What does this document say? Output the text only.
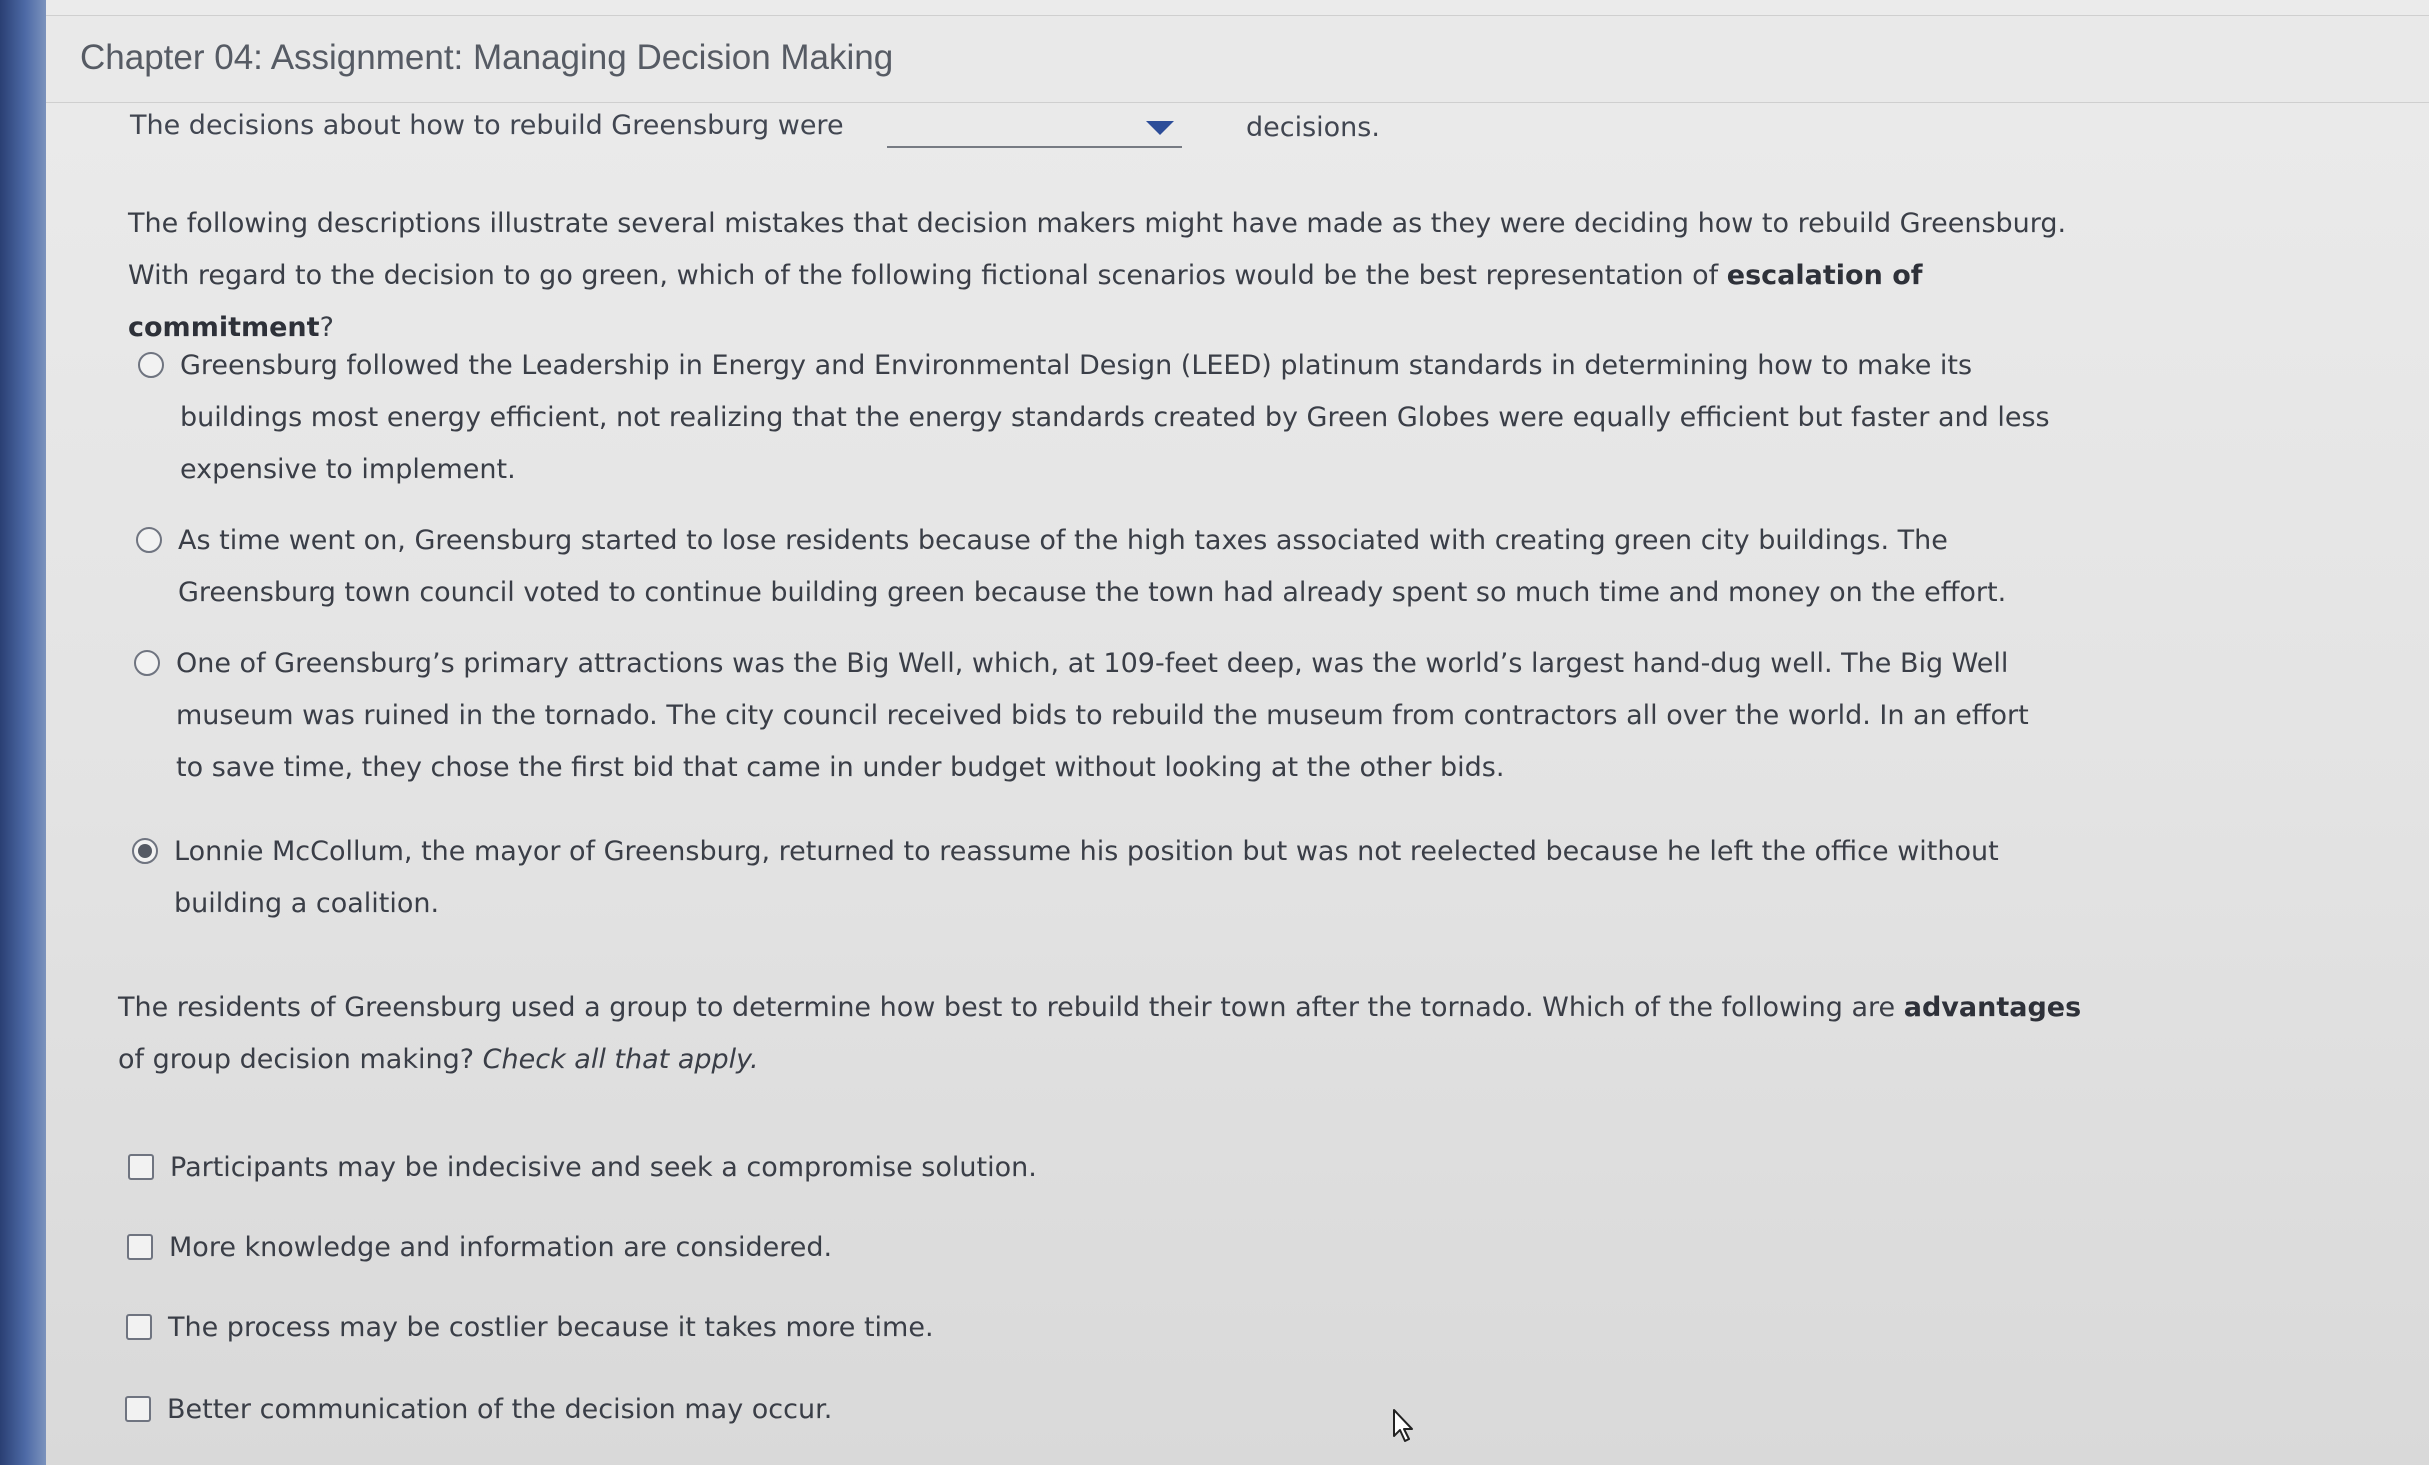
Chapter 04: Assignment: Managing Decision Making
The decisions about how to rebuild Greensburg were	decisions.
The following descriptions illustrate several mistakes that decision makers might have made as they were deciding how to rebuild Greensburg. With regard to the decision to go green, which of the following fictional scenarios would be the best representation of escalation of commitment?
Greensburg followed the Leadership in Energy and Environmental Design (LEED) platinum standards in determining how to make its buildings most energy efficient, not realizing that the energy standards created by Green Globes were equally efficient but faster and less expensive to implement.
As time went on, Greensburg started to lose residents because of the high taxes associated with creating green city buildings. The Greensburg town council voted to continue building green because the town had already spent so much time and money on the effort.
One of Greensburg’s primary attractions was the Big Well, which, at 109-feet deep, was the world’s largest hand-dug well. The Big Well museum was ruined in the tornado. The city council received bids to rebuild the museum from contractors all over the world. In an effort to save time, they chose the first bid that came in under budget without looking at the other bids.
Lonnie McCollum, the mayor of Greensburg, returned to reassume his position but was not reelected because he left the office without building a coalition.
The residents of Greensburg used a group to determine how best to rebuild their town after the tornado. Which of the following are advantages of group decision making? Check all that apply.
Participants may be indecisive and seek a compromise solution.
More knowledge and information are considered.
The process may be costlier because it takes more time.
Better communication of the decision may occur.
